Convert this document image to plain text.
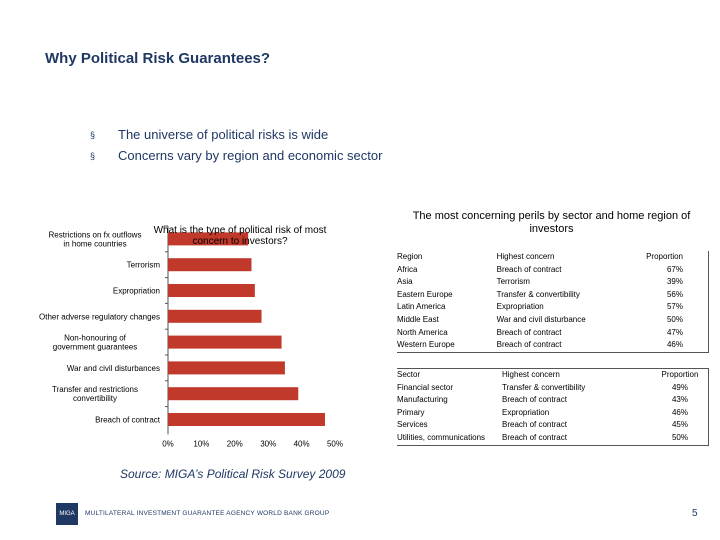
Why Political Risk Guarantees?
§	The universe of political risks is wide
§	Concerns vary by region and economic sector
Restrictions on fx outflows in home countries
Terrorism
Expropriation
Other adverse regulatory changes
Non-honouring of government guarantees
War and civil disturbances
Transfer and restrictions convertibility
Breach of contract
0% 10% 20% 30% 40% 50%
What is the type of political risk of most concern to investors?
The most concerning perils by sector and home region of investors
Region	Highest concern	Proportion
Africa	Breach of contract	67%
Asia	Terrorism	39%
Eastern Europe	Transfer & convertibility	56%
Latin America	Expropriation	57%
Middle East	War and civil disturbance	50%
North America	Breach of contract	47%
Western Europe	Breach of contract	46%
Sector	Highest concern	Proportion
Financial sector	Transfer & convertibility	49%
Manufacturing	Breach of contract	43%
Primary	Expropriation	46%
Services	Breach of contract	45%
Utilities, communications	Breach of contract	50%
Source: MIGA’s Political Risk Survey 2009
MIGA	MULTILATERAL INVESTMENT GUARANTEE AGENCY WORLD BANK GROUP	5
